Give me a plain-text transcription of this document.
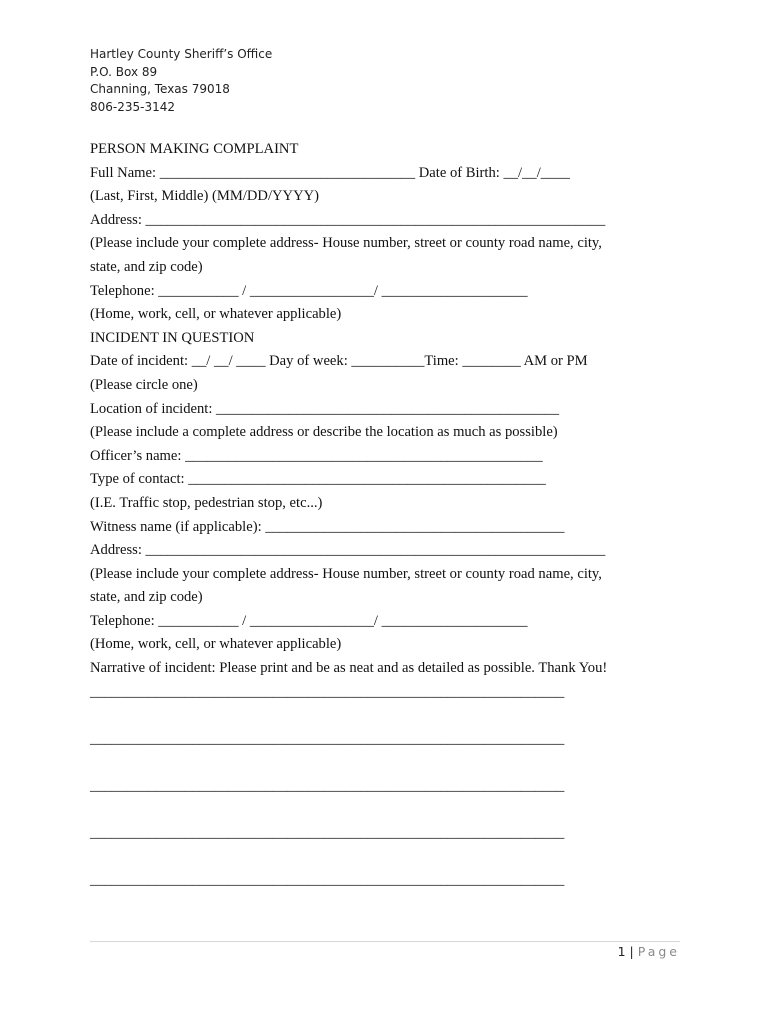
Hartley County Sheriff’s Office
P.O. Box 89
Channing, Texas 79018
806-235-3142
PERSON MAKING COMPLAINT
Full Name: ___________________________________ Date of Birth: __/__/____
(Last, First, Middle) (MM/DD/YYYY)
Address: _______________________________________________________________
(Please include your complete address- House number, street or county road name, city,
state, and zip code)
Telephone: ___________ / _________________/ ____________________
(Home, work, cell, or whatever applicable)
INCIDENT IN QUESTION
Date of incident: __/ __/ ____ Day of week: __________Time: ________ AM or PM
(Please circle one)
Location of incident: _______________________________________________
(Please include a complete address or describe the location as much as possible)
Officer’s name: _________________________________________________
Type of contact: _________________________________________________
(I.E. Traffic stop, pedestrian stop, etc...)
Witness name (if applicable): _________________________________________
Address: _______________________________________________________________
(Please include your complete address- House number, street or county road name, city,
state, and zip code)
Telephone: ___________ / _________________/ ____________________
(Home, work, cell, or whatever applicable)
Narrative of incident: Please print and be as neat and as detailed as possible. Thank You!
_________________________________________________________________
_________________________________________________________________
_________________________________________________________________
_________________________________________________________________
_________________________________________________________________
1 | Page
